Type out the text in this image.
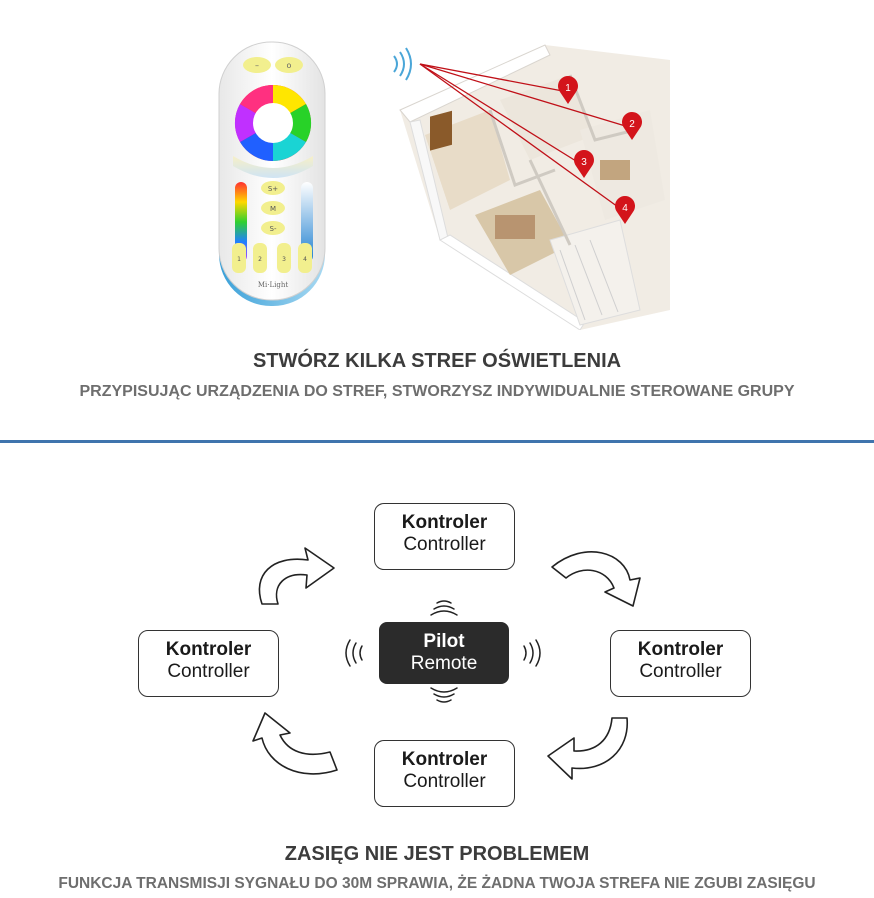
–	o
S+
M
S-
1	2	3	4
Mi·Light
1
2
3
4
STWÓRZ KILKA STREF OŚWIETLENIA
PRZYPISUJĄC URZĄDZENIA DO STREF, STWORZYSZ INDYWIDUALNIE STEROWANE GRUPY
Kontroler
Controller
Kontroler
Controller
Kontroler
Controller
Kontroler
Controller
Pilot
Remote
ZASIĘG NIE JEST PROBLEMEM
FUNKCJA TRANSMISJI SYGNAŁU DO 30M SPRAWIA, ŻE ŻADNA TWOJA STREFA NIE ZGUBI ZASIĘGU
